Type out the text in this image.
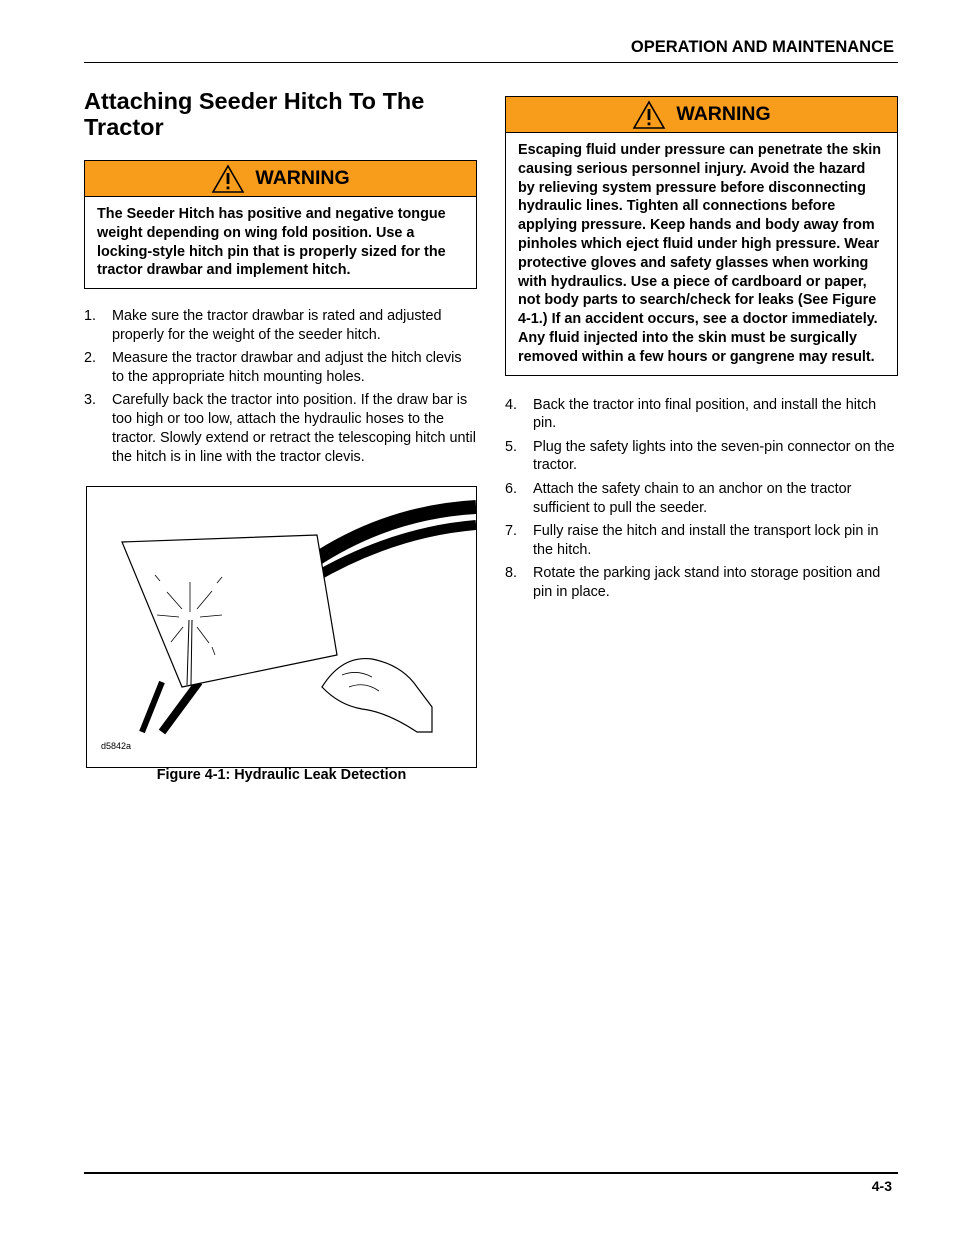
OPERATION AND MAINTENANCE
Attaching Seeder Hitch To The Tractor
WARNING
The Seeder Hitch has positive and negative tongue weight depending on wing fold position. Use a locking-style hitch pin that is properly sized for the tractor drawbar and implement hitch.
1. Make sure the tractor drawbar is rated and adjusted properly for the weight of the seeder hitch.
2. Measure the tractor drawbar and adjust the hitch clevis to the appropriate hitch mounting holes.
3. Carefully back the tractor into position. If the draw bar is too high or too low, attach the hydraulic hoses to the tractor. Slowly extend or retract the telescoping hitch until the hitch is in line with the tractor clevis.
d5842a
Figure 4-1: Hydraulic Leak Detection
WARNING
Escaping fluid under pressure can penetrate the skin causing serious personnel injury. Avoid the hazard by relieving system pressure before disconnecting hydraulic lines. Tighten all connections before applying pressure. Keep hands and body away from pinholes which eject fluid under high pressure. Wear protective gloves and safety glasses when working with hydraulics. Use a piece of cardboard or paper, not body parts to search/check for leaks (See Figure 4-1.) If an accident occurs, see a doctor immediately. Any fluid injected into the skin must be surgically removed within a few hours or gangrene may result.
4. Back the tractor into final position, and install the hitch pin.
5. Plug the safety lights into the seven-pin connector on the tractor.
6. Attach the safety chain to an anchor on the tractor sufficient to pull the seeder.
7. Fully raise the hitch and install the transport lock pin in the hitch.
8. Rotate the parking jack stand into storage position and pin in place.
4-3
